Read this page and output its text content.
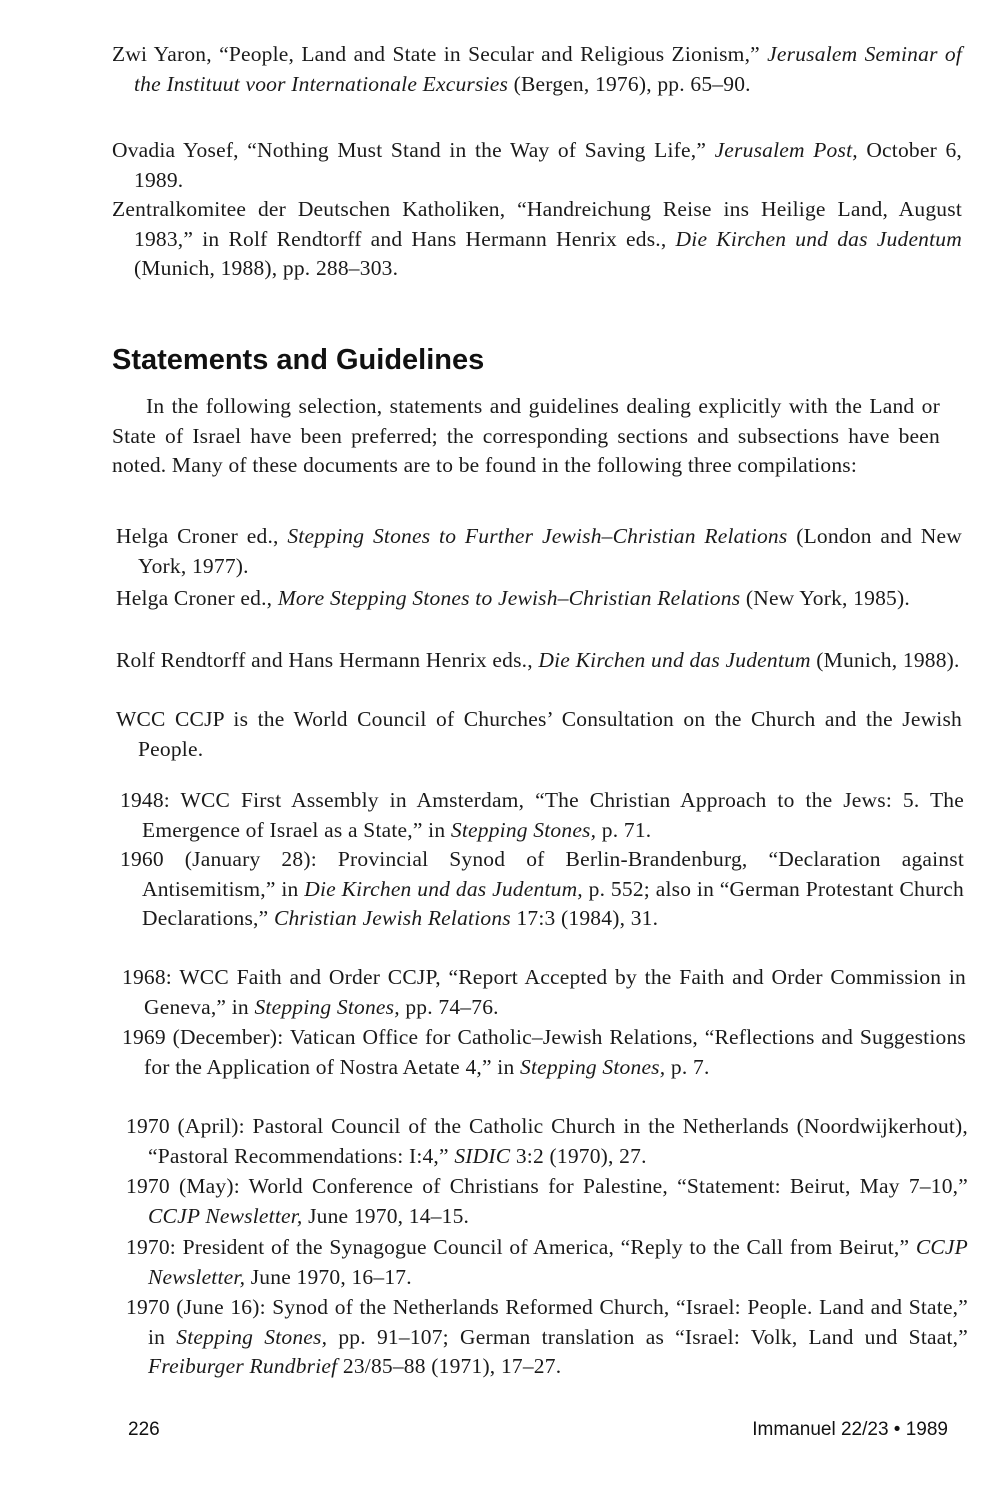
Zwi Yaron, “People, Land and State in Secular and Religious Zionism,” Jerusalem Seminar of the Instituut voor Internationale Excursies (Bergen, 1976), pp. 65–90.
Ovadia Yosef, “Nothing Must Stand in the Way of Saving Life,” Jerusalem Post, October 6, 1989.
Zentralkomitee der Deutschen Katholiken, “Handreichung Reise ins Heilige Land, August 1983,” in Rolf Rendtorff and Hans Hermann Henrix eds., Die Kirchen und das Judentum (Munich, 1988), pp. 288–303.
Statements and Guidelines
In the following selection, statements and guidelines dealing explicitly with the Land or State of Israel have been preferred; the corresponding sections and subsections have been noted. Many of these documents are to be found in the following three compilations:
Helga Croner ed., Stepping Stones to Further Jewish–Christian Relations (London and New York, 1977).
Helga Croner ed., More Stepping Stones to Jewish–Christian Relations (New York, 1985).
Rolf Rendtorff and Hans Hermann Henrix eds., Die Kirchen und das Judentum (Munich, 1988).
WCC CCJP is the World Council of Churches’ Consultation on the Church and the Jewish People.
1948: WCC First Assembly in Amsterdam, “The Christian Approach to the Jews: 5. The Emergence of Israel as a State,” in Stepping Stones, p. 71.
1960 (January 28): Provincial Synod of Berlin-Brandenburg, “Declaration against Antisemitism,” in Die Kirchen und das Judentum, p. 552; also in “German Protestant Church Declarations,” Christian Jewish Relations 17:3 (1984), 31.
1968: WCC Faith and Order CCJP, “Report Accepted by the Faith and Order Commission in Geneva,” in Stepping Stones, pp. 74–76.
1969 (December): Vatican Office for Catholic–Jewish Relations, “Reflections and Suggestions for the Application of Nostra Aetate 4,” in Stepping Stones, p. 7.
1970 (April): Pastoral Council of the Catholic Church in the Netherlands (Noordwijkerhout), “Pastoral Recommendations: I:4,” SIDIC 3:2 (1970), 27.
1970 (May): World Conference of Christians for Palestine, “Statement: Beirut, May 7–10,” CCJP Newsletter, June 1970, 14–15.
1970: President of the Synagogue Council of America, “Reply to the Call from Beirut,” CCJP Newsletter, June 1970, 16–17.
1970 (June 16): Synod of the Netherlands Reformed Church, “Israel: People. Land and State,” in Stepping Stones, pp. 91–107; German translation as “Israel: Volk, Land und Staat,” Freiburger Rundbrief 23/85–88 (1971), 17–27.
226	Immanuel 22/23 • 1989
